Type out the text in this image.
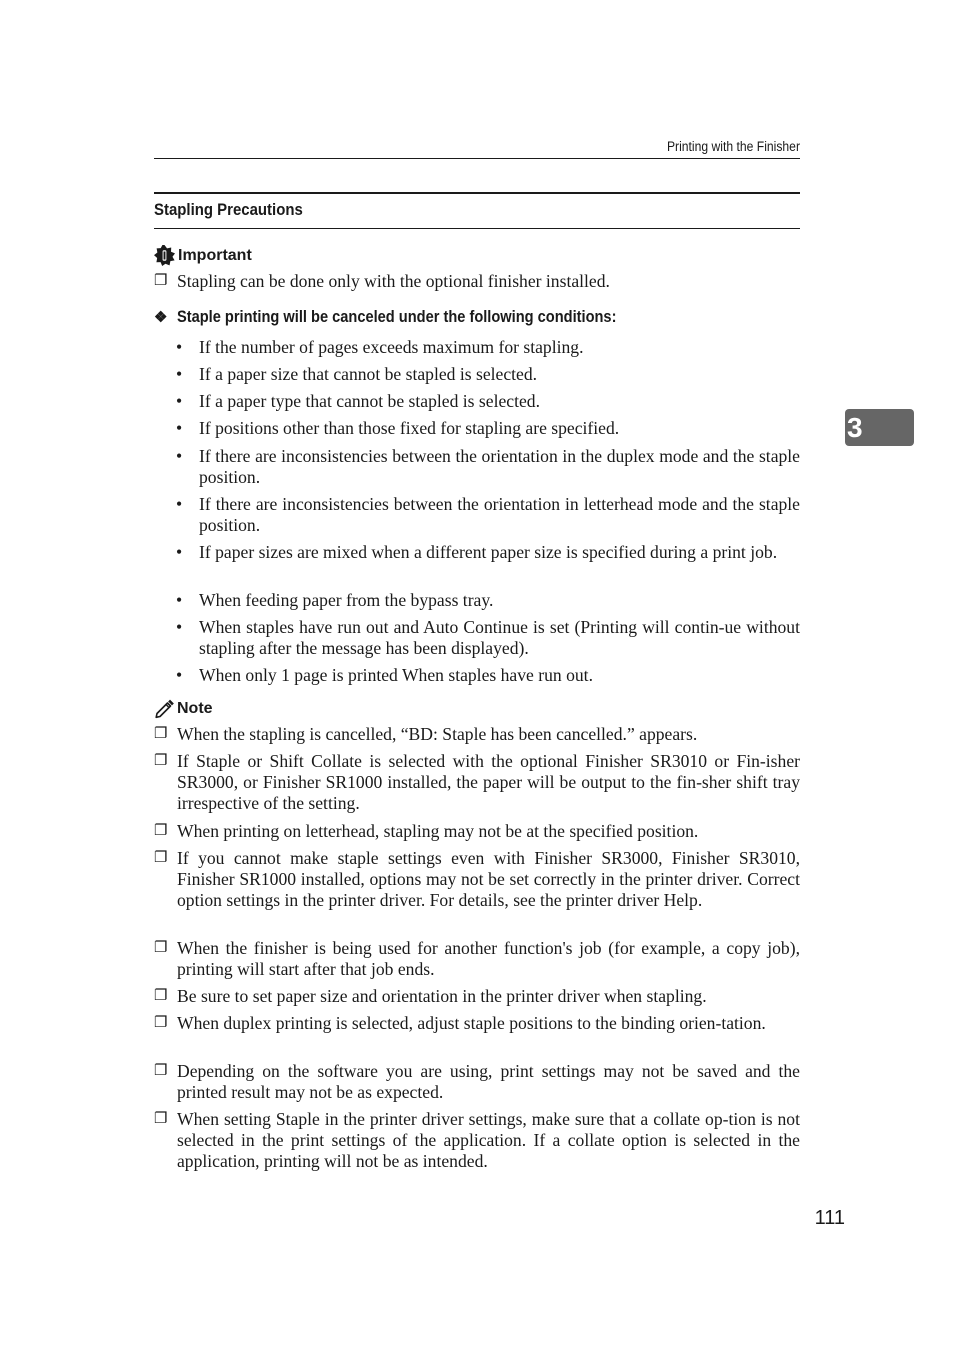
Printing with the Finisher
Stapling Precautions
Important
❐ Stapling can be done only with the optional finisher installed.
❖ Staple printing will be canceled under the following conditions:
• If the number of pages exceeds maximum for stapling.
• If a paper size that cannot be stapled is selected.
• If a paper type that cannot be stapled is selected.
• If positions other than those fixed for stapling are specified.
• If there are inconsistencies between the orientation in the duplex mode and the staple position.
• If there are inconsistencies between the orientation in letterhead mode and the staple position.
• If paper sizes are mixed when a different paper size is specified during a print job.
• When feeding paper from the bypass tray.
• When staples have run out and Auto Continue is set (Printing will contin-ue without stapling after the message has been displayed).
• When only 1 page is printed When staples have run out.
Note
❐ When the stapling is cancelled, “BD: Staple has been cancelled.” appears.
❐ If Staple or Shift Collate is selected with the optional Finisher SR3010 or Fin-isher SR3000, or Finisher SR1000 installed, the paper will be output to the fin-sher shift tray irrespective of the setting.
❐ When printing on letterhead, stapling may not be at the specified position.
❐ If you cannot make staple settings even with Finisher SR3000, Finisher SR3010, Finisher SR1000 installed, options may not be set correctly in the printer driver. Correct option settings in the printer driver. For details, see the printer driver Help.
❐ When the finisher is being used for another function's job (for example, a copy job), printing will start after that job ends.
❐ Be sure to set paper size and orientation in the printer driver when stapling.
❐ When duplex printing is selected, adjust staple positions to the binding orien-tation.
❐ Depending on the software you are using, print settings may not be saved and the printed result may not be as expected.
❐ When setting Staple in the printer driver settings, make sure that a collate op-tion is not selected in the print settings of the application. If a collate option is selected in the application, printing will not be as intended.
3
111
